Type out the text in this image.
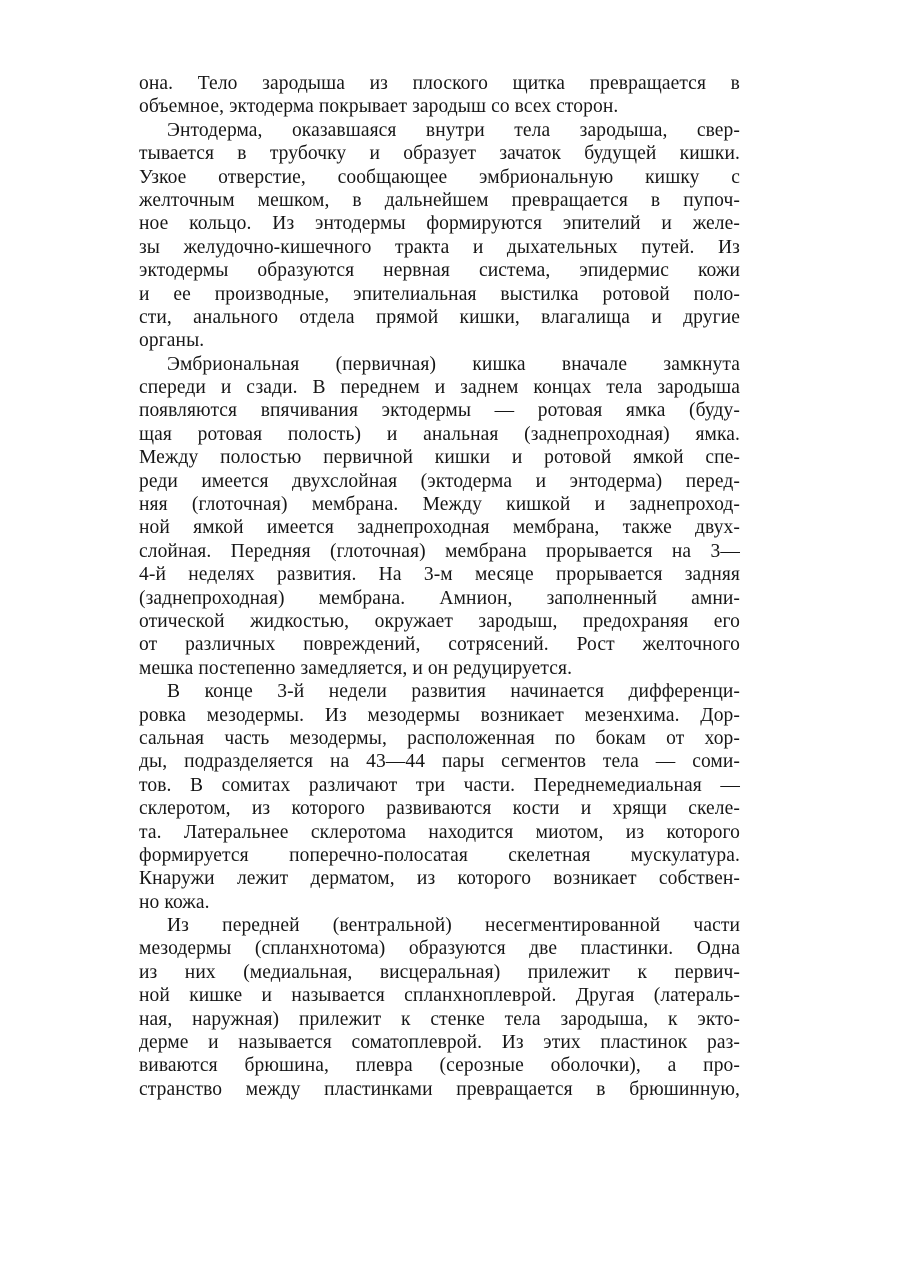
она. Тело зародыша из плоского щитка превращается в
объемное, эктодерма покрывает зародыш со всех сторон.
Энтодерма, оказавшаяся внутри тела зародыша, свер-
тывается в трубочку и образует зачаток будущей кишки.
Узкое отверстие, сообщающее эмбриональную кишку с
желточным мешком, в дальнейшем превращается в пупоч-
ное кольцо. Из энтодермы формируются эпителий и желе-
зы желудочно-кишечного тракта и дыхательных путей. Из
эктодермы образуются нервная система, эпидермис кожи
и ее производные, эпителиальная выстилка ротовой поло-
сти, анального отдела прямой кишки, влагалища и другие
органы.
Эмбриональная (первичная) кишка вначале замкнута
спереди и сзади. В переднем и заднем концах тела зародыша
появляются впячивания эктодермы — ротовая ямка (буду-
щая ротовая полость) и анальная (заднепроходная) ямка.
Между полостью первичной кишки и ротовой ямкой спе-
реди имеется двухслойная (эктодерма и энтодерма) перед-
няя (глоточная) мембрана. Между кишкой и заднепроход-
ной ямкой имеется заднепроходная мембрана, также двух-
слойная. Передняя (глоточная) мембрана прорывается на 3—
4-й неделях развития. На 3-м месяце прорывается задняя
(заднепроходная) мембрана. Амнион, заполненный амни-
отической жидкостью, окружает зародыш, предохраняя его
от различных повреждений, сотрясений. Рост желточного
мешка постепенно замедляется, и он редуцируется.
В конце 3-й недели развития начинается дифференци-
ровка мезодермы. Из мезодермы возникает мезенхима. Дор-
сальная часть мезодермы, расположенная по бокам от хор-
ды, подразделяется на 43—44 пары сегментов тела — соми-
тов. В сомитах различают три части. Переднемедиальная —
склеротом, из которого развиваются кости и хрящи скеле-
та. Латеральнее склеротома находится миотом, из которого
формируется поперечно-полосатая скелетная мускулатура.
Кнаружи лежит дерматом, из которого возникает собствен-
но кожа.
Из передней (вентральной) несегментированной части
мезодермы (спланхнотома) образуются две пластинки. Одна
из них (медиальная, висцеральная) прилежит к первич-
ной кишке и называется спланхноплеврой. Другая (латераль-
ная, наружная) прилежит к стенке тела зародыша, к экто-
дерме и называется соматоплеврой. Из этих пластинок раз-
виваются брюшина, плевра (серозные оболочки), а про-
странство между пластинками превращается в брюшинную,
